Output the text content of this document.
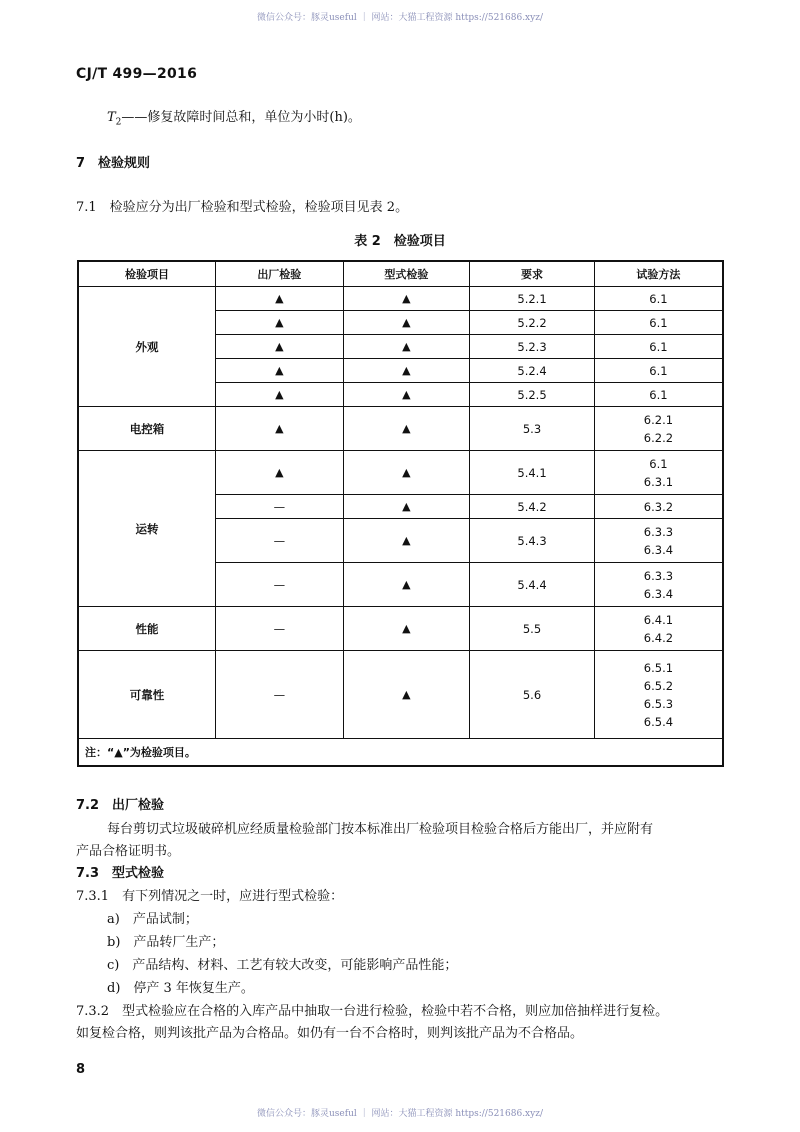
微信公众号：豚灵useful ｜ 网站：大猫工程资源 https://521686.xyz/
CJ/T 499—2016
$T_2——$修复故障时间总和，单位为小时(h)。
7　检验规则
7.1　检验应分为出厂检验和型式检验，检验项目见表 2。
表 2　检验项目
检验项目	出厂检验	型式检验	要求	试验方法
外观	▲	▲	5.2.1	6.1
	▲	▲	5.2.2	6.1
	▲	▲	5.2.3	6.1
	▲	▲	5.2.4	6.1
	▲	▲	5.2.5	6.1
电控箱	▲	▲	5.3	6.2.1
6.2.2

运转	▲	▲	5.4.1	6.1
6.3.1

	—	▲	5.4.2	6.3.2
	—	▲	5.4.3	6.3.3
6.3.4

	—	▲	5.4.4	6.3.3
6.3.4

性能	—	▲	5.5	6.4.1
6.4.2

可靠性	—	▲	5.6	6.5.1
6.5.2
6.5.3
6.5.4

注：“▲”为检验项目。				
7.2　出厂检验
每台剪切式垃圾破碎机应经质量检验部门按本标准出厂检验项目检验合格后方能出厂，并应附有
产品合格证明书。
7.3　型式检验
7.3.1　有下列情况之一时，应进行型式检验：
a)　产品试制；
b)　产品转厂生产；
c)　产品结构、材料、工艺有较大改变，可能影响产品性能；
d)　停产 3 年恢复生产。
7.3.2　型式检验应在合格的入库产品中抽取一台进行检验，检验中若不合格，则应加倍抽样进行复检。
如复检合格，则判该批产品为合格品。如仍有一台不合格时，则判该批产品为不合格品。
8
微信公众号：豚灵useful ｜ 网站：大猫工程资源 https://521686.xyz/
